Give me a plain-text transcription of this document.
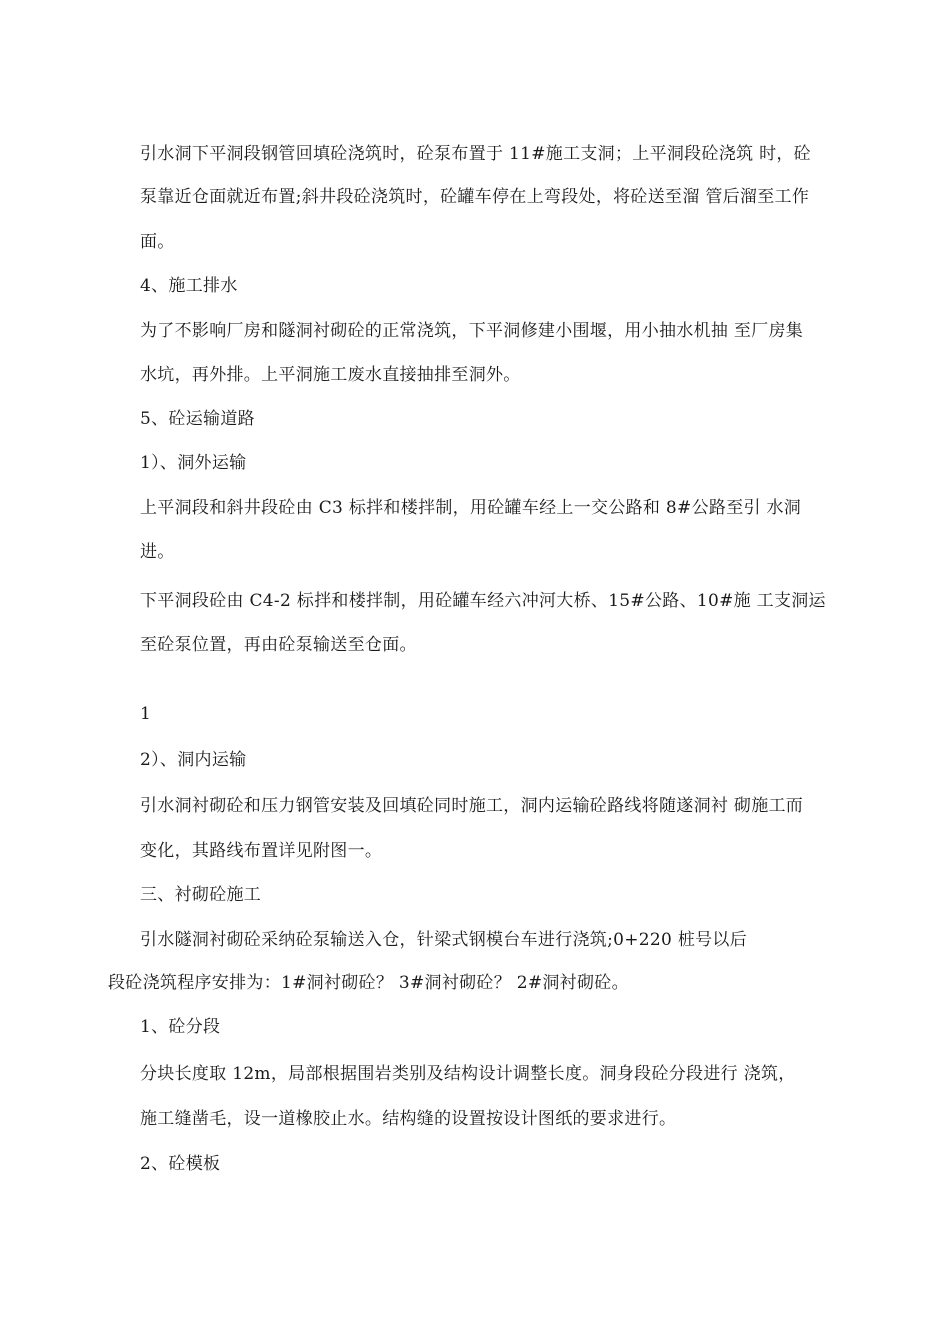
引水洞下平洞段钢管回填砼浇筑时，砼泵布置于 11#施工支洞；上平洞段砼浇筑 时，砼
泵靠近仓面就近布置;斜井段砼浇筑时，砼罐车停在上弯段处，将砼送至溜 管后溜至工作
面。
4、施工排水
为了不影响厂房和隧洞衬砌砼的正常浇筑，下平洞修建小围堰，用小抽水机抽 至厂房集
水坑，再外排。上平洞施工废水直接抽排至洞外。
5、砼运输道路
1）、洞外运输
上平洞段和斜井段砼由 C3 标拌和楼拌制，用砼罐车经上一交公路和 8#公路至引 水洞
进。
下平洞段砼由 C4-2 标拌和楼拌制，用砼罐车经六冲河大桥、15#公路、10#施 工支洞运
至砼泵位置，再由砼泵输送至仓面。
1
2）、洞内运输
引水洞衬砌砼和压力钢管安装及回填砼同时施工，洞内运输砼路线将随遂洞衬 砌施工而
变化，其路线布置详见附图一。
三、衬砌砼施工
引水隧洞衬砌砼采纳砼泵输送入仓，针梁式钢模台车进行浇筑;0+220 桩号以后
段砼浇筑程序安排为：1#洞衬砌砼？ 3#洞衬砌砼？ 2#洞衬砌砼。
1、砼分段
分块长度取 12m，局部根据围岩类别及结构设计调整长度。洞身段砼分段进行 浇筑，
施工缝凿毛，设一道橡胶止水。结构缝的设置按设计图纸的要求进行。
2、砼模板
